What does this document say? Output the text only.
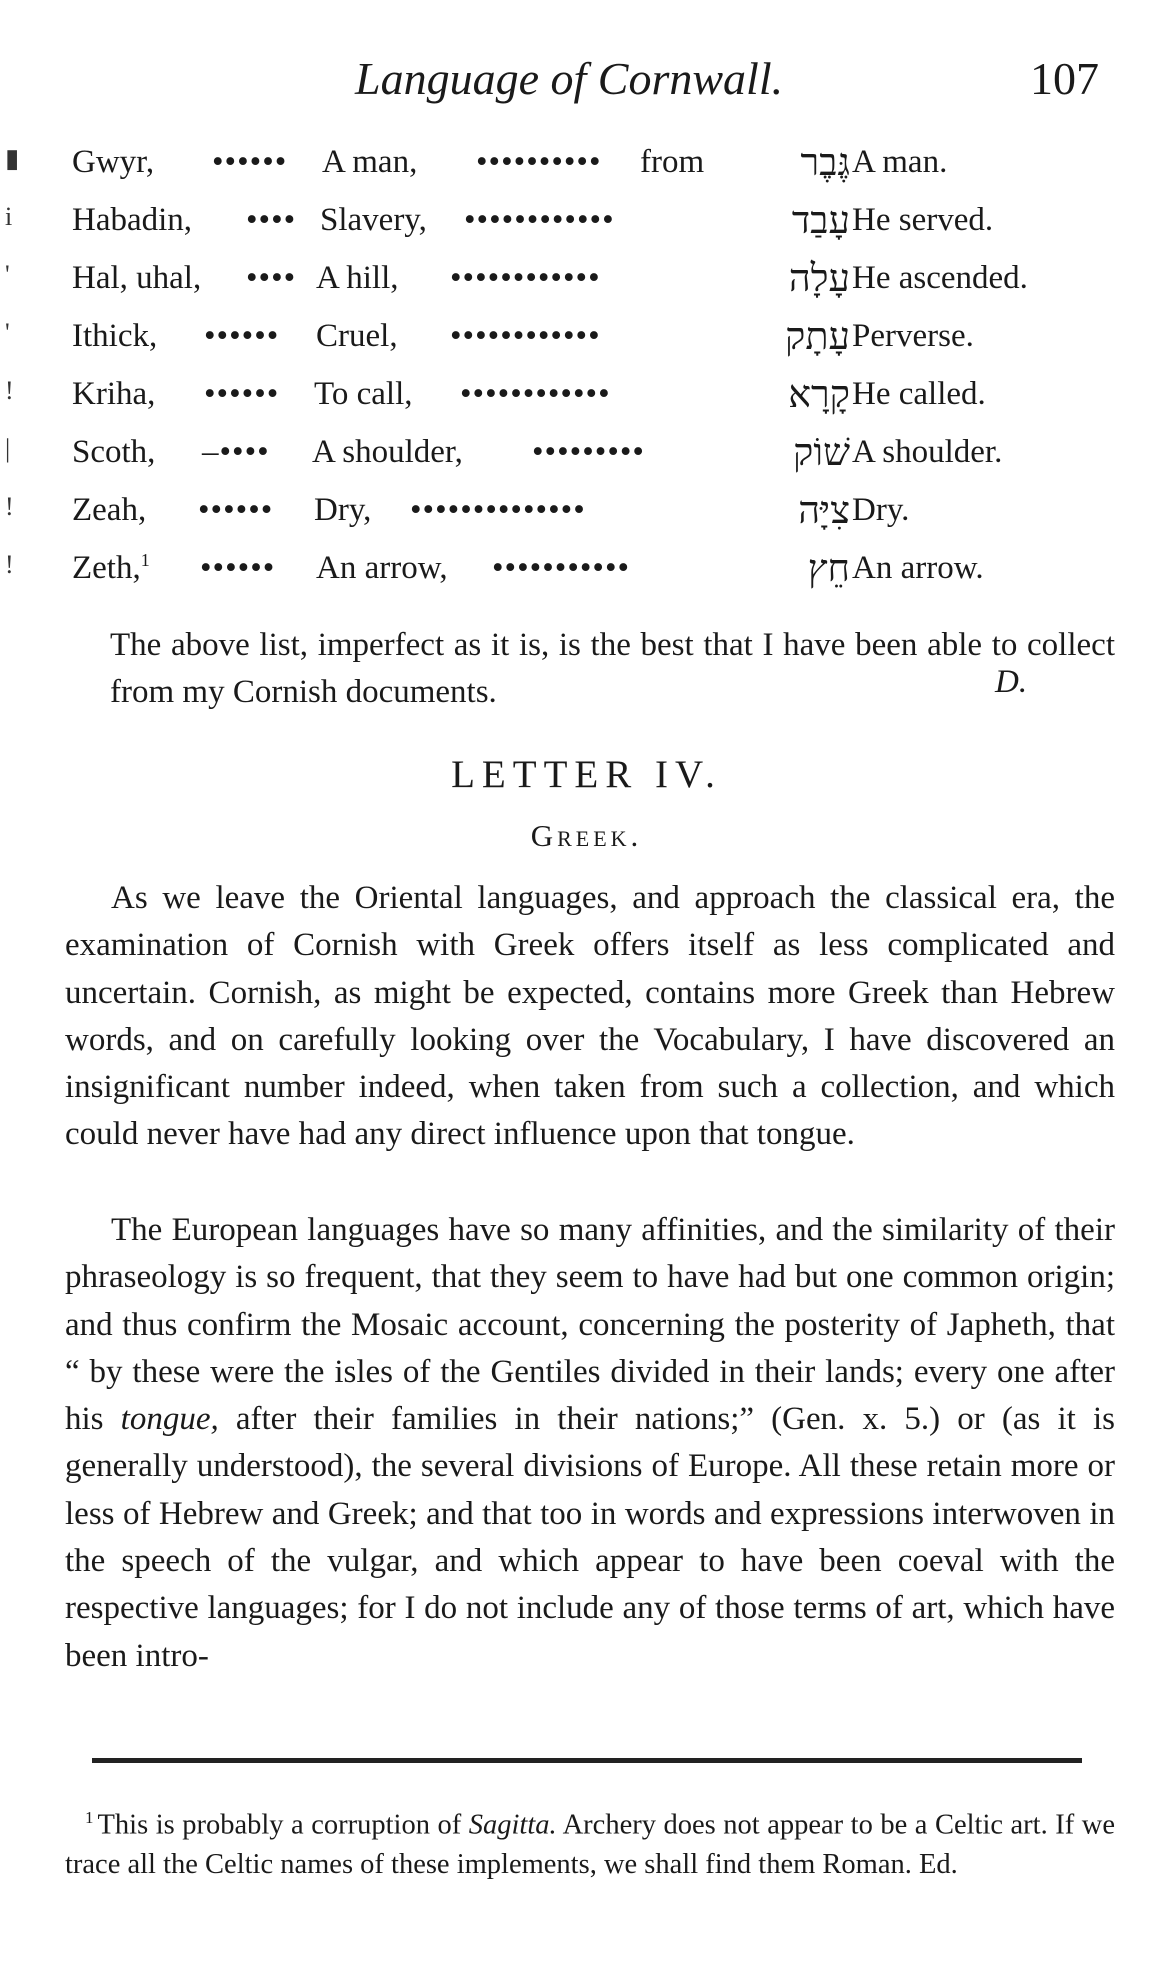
Language of Cornwall.	107
▮ Gwyr, •••••• A man, •••••••••• from	גֶּבֶר A man.
i Habadin, •••• Slavery, ••••••••••••	עָבַד He served.
' Hal, uhal, •••• A hill, ••••••••••••	עָלָה He ascended.
' Ithick, •••••• Cruel, ••••••••••••	עָתָק Perverse.
! Kriha, •••••• To call, ••••••••••••	קָרָא He called.
| Scoth, –•••• A shoulder, •••••••••	שׁוֹק A shoulder.
! Zeah, •••••• Dry, ••••••••••••••	צִיָּה Dry.
! Zeth,$^1$ •••••• An arrow, •••••••••••	חֵץ An arrow.
The above list, imperfect as it is, is the best that I have been able to collect from my Cornish documents.	D.
LETTER IV.
Greek.
As we leave the Oriental languages, and approach the classical era, the examination of Cornish with Greek offers itself as less complicated and uncertain. Cornish, as might be expected, contains more Greek than Hebrew words, and on carefully looking over the Vocabulary, I have discovered an insignificant number indeed, when taken from such a collection, and which could never have had any direct influence upon that tongue.
The European languages have so many affinities, and the similarity of their phraseology is so frequent, that they seem to have had but one common origin; and thus confirm the Mosaic account, concerning the posterity of Japheth, that “ by these were the isles of the Gentiles divided in their lands; every one after his tongue, after their families in their nations;” (Gen. x. 5.) or (as it is generally understood), the several divisions of Europe. All these retain more or less of Hebrew and Greek; and that too in words and expressions interwoven in the speech of the vulgar, and which appear to have been coeval with the respective languages; for I do not include any of those terms of art, which have been intro-
$^1$ This is probably a corruption of Sagitta. Archery does not appear to be a Celtic art. If we trace all the Celtic names of these implements, we shall find them Roman. Ed.
